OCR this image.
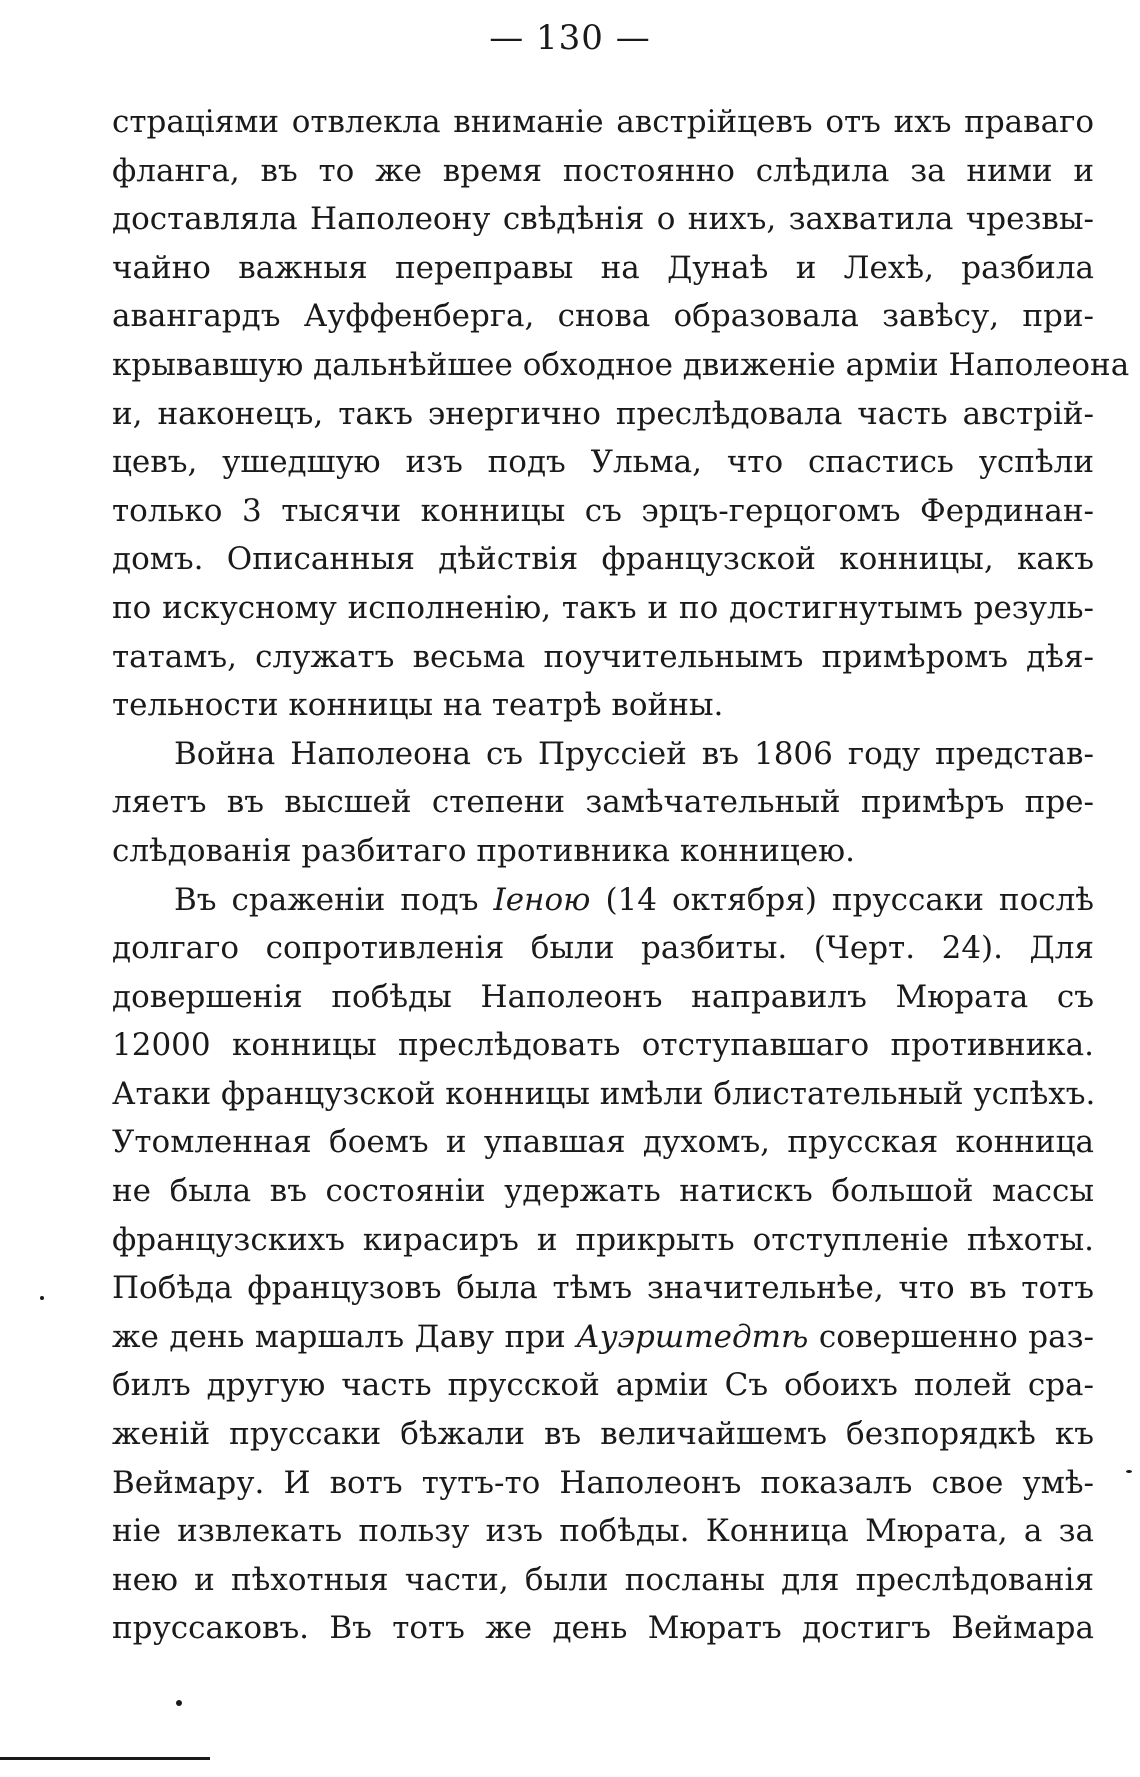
— 130 —
страціями отвлекла вниманіе австрійцевъ отъ ихъ праваго
фланга, въ то же время постоянно слѣдила за ними и
доставляла Наполеону свѣдѣнія о нихъ, захватила чрезвы-
чайно важныя переправы на Дунаѣ и Лехѣ, разбила
авангардъ Ауффенберга, снова образовала завѣсу, при-
крывавшую дальнѣйшее обходное движеніе арміи Наполеона
и, наконецъ, такъ энергично преслѣдовала часть австрій-
цевъ, ушедшую изъ подъ Ульма, что спастись успѣли
только 3 тысячи конницы съ эрцъ-герцогомъ Фердинан-
домъ. Описанныя дѣйствія французской конницы, какъ
по искусному исполненію, такъ и по достигнутымъ резуль-
татамъ, служатъ весьма поучительнымъ примѣромъ дѣя-
тельности конницы на театрѣ войны.
Война Наполеона съ Пруссіей въ 1806 году представ-
ляетъ въ высшей степени замѣчательный примѣръ пре-
слѣдованія разбитаго противника конницею.
Въ сраженіи подъ Іеною (14 октября) пруссаки послѣ
долгаго сопротивленія были разбиты. (Черт. 24). Для
довершенія побѣды Наполеонъ направилъ Мюрата съ
12000 конницы преслѣдовать отступавшаго противника.
Атаки французской конницы имѣли блистательный успѣхъ.
Утомленная боемъ и упавшая духомъ, прусская конница
не была въ состояніи удержать натискъ большой массы
французскихъ кирасиръ и прикрыть отступленіе пѣхоты.
Побѣда французовъ была тѣмъ значительнѣе, что въ тотъ
же день маршалъ Даву при Ауэрштедтѣ совершенно раз-
билъ другую часть прусской арміи Съ обоихъ полей сра-
женій пруссаки бѣжали въ величайшемъ безпорядкѣ къ
Веймару. И вотъ тутъ-то Наполеонъ показалъ свое умѣ-
ніе извлекать пользу изъ побѣды. Конница Мюрата, а за
нею и пѣхотныя части, были посланы для преслѣдованія
пруссаковъ. Въ тотъ же день Мюратъ достигъ Веймара
